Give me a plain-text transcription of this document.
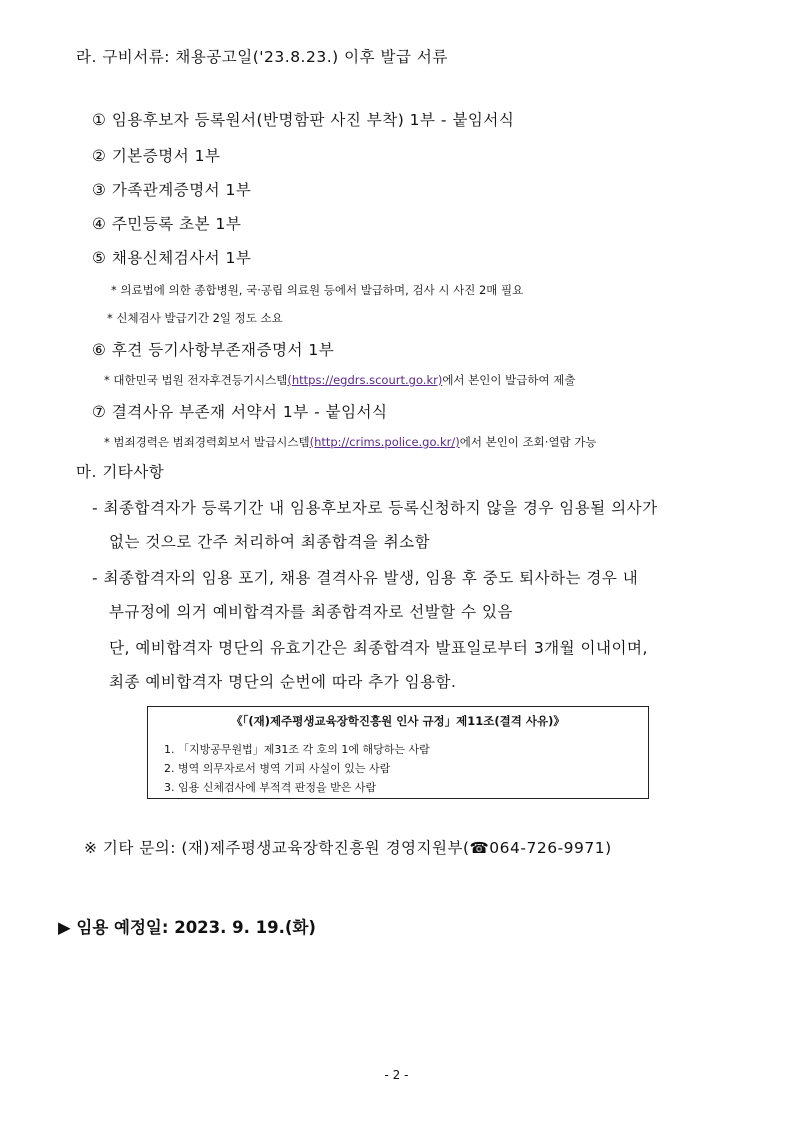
라. 구비서류: 채용공고일('23.8.23.) 이후 발급 서류
① 임용후보자 등록원서(반명함판 사진 부착) 1부 - 붙임서식
② 기본증명서 1부
③ 가족관계증명서 1부
④ 주민등록 초본 1부
⑤ 채용신체검사서 1부
* 의료법에 의한 종합병원, 국·공립 의료원 등에서 발급하며, 검사 시 사진 2매 필요
* 신체검사 발급기간 2일 정도 소요
⑥ 후견 등기사항부존재증명서 1부
* 대한민국 법원 전자후견등기시스템(https://egdrs.scourt.go.kr)에서 본인이 발급하여 제출
⑦ 결격사유 부존재 서약서 1부 - 붙임서식
* 범죄경력은 범죄경력회보서 발급시스템(http://crims.police.go.kr/)에서 본인이 조회·열람 가능
마. 기타사항
- 최종합격자가 등록기간 내 임용후보자로 등록신청하지 않을 경우 임용될 의사가
없는 것으로 간주 처리하여 최종합격을 취소함
- 최종합격자의 임용 포기, 채용 결격사유 발생, 임용 후 중도 퇴사하는 경우 내
부규정에 의거 예비합격자를 최종합격자로 선발할 수 있음
단, 예비합격자 명단의 유효기간은 최종합격자 발표일로부터 3개월 이내이며,
최종 예비합격자 명단의 순번에 따라 추가 임용함.
《「(재)제주평생교육장학진흥원 인사 규정」제11조(결격 사유)》
1. 「지방공무원법」제31조 각 호의 1에 해당하는 사람
2. 병역 의무자로서 병역 기피 사실이 있는 사람
3. 임용 신체검사에 부적격 판정을 받은 사람
※ 기타 문의: (재)제주평생교육장학진흥원 경영지원부(☎064-726-9971)
▶ 임용 예정일: 2023. 9. 19.(화)
- 2 -
